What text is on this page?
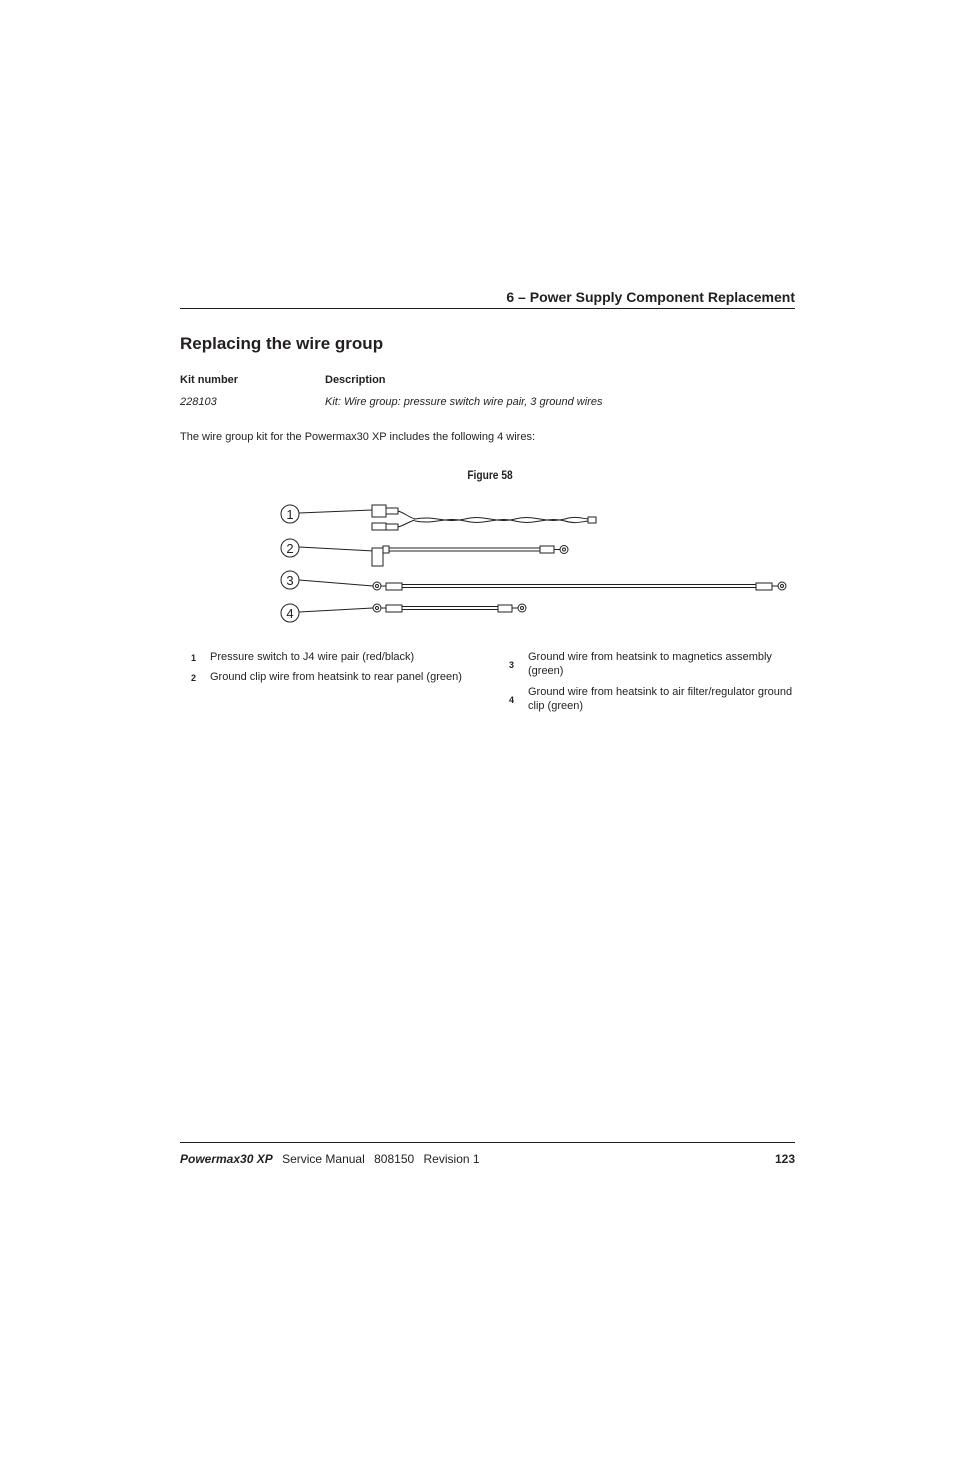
6 – Power Supply Component Replacement
Replacing the wire group
Kit number	Description
228103	Kit: Wire group: pressure switch wire pair, 3 ground wires
The wire group kit for the Powermax30 XP includes the following 4 wires:
Figure 58
1
2
3
4
1 Pressure switch to J4 wire pair (red/black)
2 Ground clip wire from heatsink to rear panel (green)
3
Ground wire from heatsink to magnetics assembly (green)
4
Ground wire from heatsink to air filter/regulator ground clip (green)
Powermax30 XP Service Manual 808150 Revision 1	123
